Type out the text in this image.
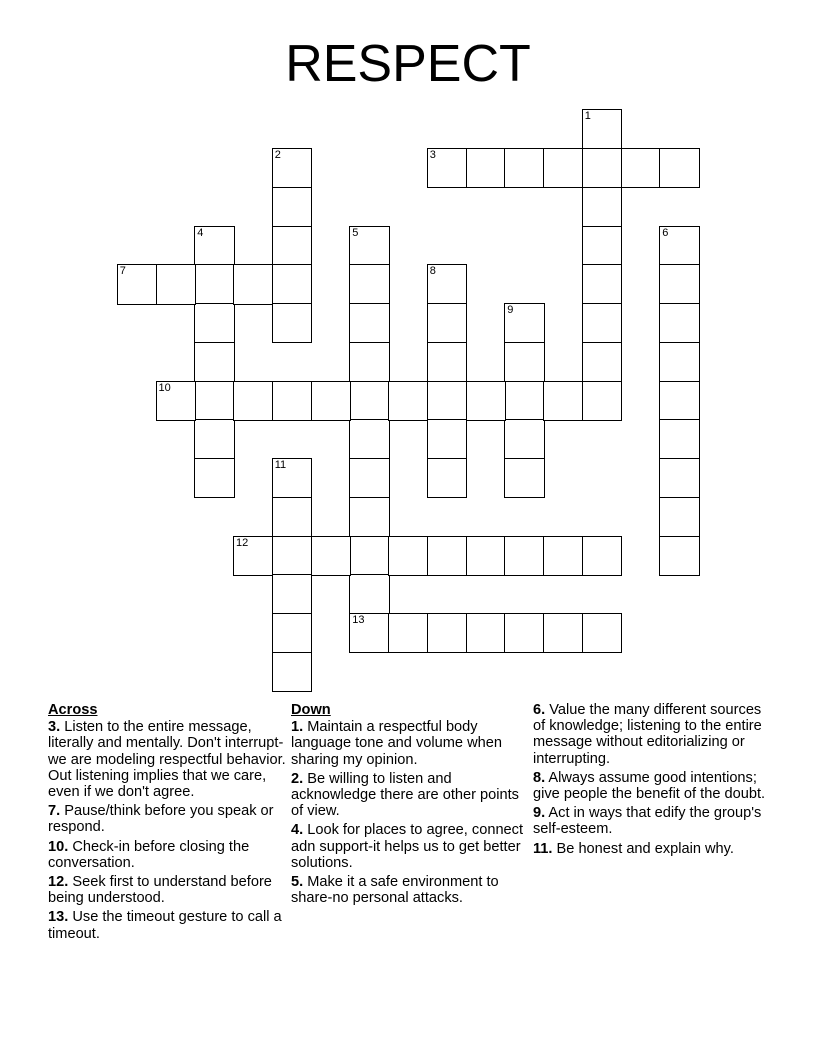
RESPECT
1
2	3
4	5
13
6
7	8
9
10
11
12
Across
3. Listen to the entire message, literally and mentally. Don't interrupt-we are modeling respectful behavior. Out listening implies that we care, even if we don't agree.
7. Pause/think before you speak or respond.
10. Check-in before closing the conversation.
12. Seek first to understand before being understood.
13. Use the timeout gesture to call a timeout.
Down
1. Maintain a respectful body language tone and volume when sharing my opinion.
2. Be willing to listen and acknowledge there are other points of view.
4. Look for places to agree, connect adn support-it helps us to get better solutions.
5. Make it a safe environment to share-no personal attacks.
6. Value the many different sources of knowledge; listening to the entire message without editorializing or interrupting.
8. Always assume good intentions; give people the benefit of the doubt.
9. Act in ways that edify the group's self-esteem.
11. Be honest and explain why.
